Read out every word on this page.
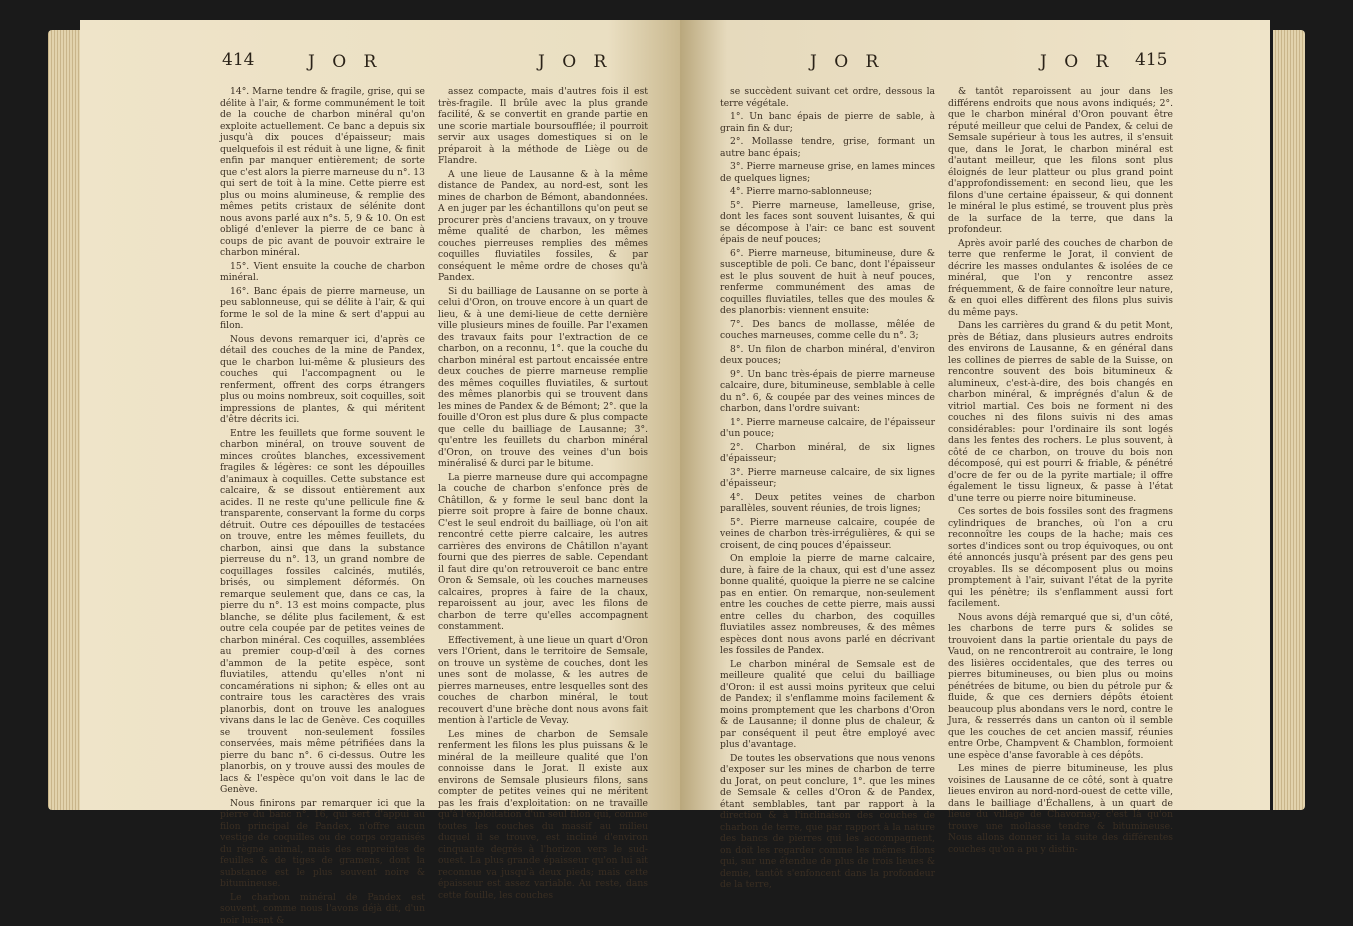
414	J O R	J O R

14°. Marne tendre & fragile, grise, qui se délite à l'air, & forme communément le toit de la couche de charbon minéral qu'on exploite actuellement. Ce banc a depuis six jusqu'à dix pouces d'épaisseur; mais quelquefois il est réduit à une ligne, & finit enfin par manquer entièrement; de sorte que c'est alors la pierre marneuse du n°. 13 qui sert de toit à la mine. Cette pierre est plus ou moins alumineuse, & remplie des mêmes petits cristaux de sélénite dont nous avons parlé aux n°s. 5, 9 & 10. On est obligé d'enlever la pierre de ce banc à coups de pic avant de pouvoir extraire le charbon minéral.

15°. Vient ensuite la couche de charbon minéral.

16°. Banc épais de pierre marneuse, un peu sablonneuse, qui se délite à l'air, & qui forme le sol de la mine & sert d'appui au filon.

Nous devons remarquer ici, d'après ce détail des couches de la mine de Pandex, que le charbon lui-même & plusieurs des couches qui l'accompagnent ou le renferment, offrent des corps étrangers plus ou moins nombreux, soit coquilles, soit impressions de plantes, & qui méritent d'être décrits ici.

Entre les feuillets que forme souvent le charbon minéral, on trouve souvent de minces croûtes blanches, excessivement fragiles & légères: ce sont les dépouilles d'animaux à coquilles. Cette substance est calcaire, & se dissout entièrement aux acides. Il ne reste qu'une pellicule fine & transparente, conservant la forme du corps détruit. Outre ces dépouilles de testacées on trouve, entre les mêmes feuillets, du charbon, ainsi que dans la substance pierreuse du n°. 13, un grand nombre de coquillages fossiles calcinés, mutilés, brisés, ou simplement déformés. On remarque seulement que, dans ce cas, la pierre du n°. 13 est moins compacte, plus blanche, se délite plus facilement, & est outre cela coupée par de petites veines de charbon minéral. Ces coquilles, assemblées au premier coup-d'œil à des cornes d'ammon de la petite espèce, sont fluviatiles, attendu qu'elles n'ont ni concamérations ni siphon; & elles ont au contraire tous les caractères des vrais planorbis, dont on trouve les analogues vivans dans le lac de Genève. Ces coquilles se trouvent non-seulement fossiles conservées, mais même pétrifiées dans la pierre du banc n°. 6 ci-dessus. Outre les planorbis, on y trouve aussi des moules de lacs & l'espèce qu'on voit dans le lac de Genève.

Nous finirons par remarquer ici que la pierre du banc n°. 16, qui sert d'appui au filon principal de Pandex, n'offre aucun vestige de coquilles ou de corps organisés du règne animal, mais des empreintes de feuilles & de tiges de gramens, dont la substance est le plus souvent noire & bitumineuse.

Le charbon minéral de Pandex est souvent, comme nous l'avons déjà dit, d'un noir luisant &

assez compacte, mais d'autres fois il est très-fragile. Il brûle avec la plus grande facilité, & se convertit en grande partie en une scorie martiale boursoufflée; il pourroit servir aux usages domestiques si on le préparoit à la méthode de Liège ou de Flandre.

A une lieue de Lausanne & à la même distance de Pandex, au nord-est, sont les mines de charbon de Bémont, abandonnées. A en juger par les échantillons qu'on peut se procurer près d'anciens travaux, on y trouve même qualité de charbon, les mêmes couches pierreuses remplies des mêmes coquilles fluviatiles fossiles, & par conséquent le même ordre de choses qu'à Pandex.

Si du bailliage de Lausanne on se porte à celui d'Oron, on trouve encore à un quart de lieu, & à une demi-lieue de cette dernière ville plusieurs mines de fouille. Par l'examen des travaux faits pour l'extraction de ce charbon, on a reconnu, 1°. que la couche du charbon minéral est partout encaissée entre deux couches de pierre marneuse remplie des mêmes coquilles fluviatiles, & surtout des mêmes planorbis qui se trouvent dans les mines de Pandex & de Bémont; 2°. que la fouille d'Oron est plus dure & plus compacte que celle du bailliage de Lausanne; 3°. qu'entre les feuillets du charbon minéral d'Oron, on trouve des veines d'un bois minéralisé & durci par le bitume.

La pierre marneuse dure qui accompagne la couche de charbon s'enfonce près de Châtillon, & y forme le seul banc dont la pierre soit propre à faire de bonne chaux. C'est le seul endroit du bailliage, où l'on ait rencontré cette pierre calcaire, les autres carrières des environs de Châtillon n'ayant fourni que des pierres de sable. Cependant il faut dire qu'on retrouveroit ce banc entre Oron & Semsale, où les couches marneuses calcaires, propres à faire de la chaux, reparoissent au jour, avec les filons de charbon de terre qu'elles accompagnent constamment.

Effectivement, à une lieue un quart d'Oron vers l'Orient, dans le territoire de Semsale, on trouve un système de couches, dont les unes sont de molasse, & les autres de pierres marneuses, entre lesquelles sont des couches de charbon minéral, le tout recouvert d'une brèche dont nous avons fait mention à l'article de Vevay.

Les mines de charbon de Semsale renferment les filons les plus puissans & le minéral de la meilleure qualité que l'on connoisse dans le Jorat. Il existe aux environs de Semsale plusieurs filons, sans compter de petites veines qui ne méritent pas les frais d'exploitation: on ne travaille qu'à l'exploitation d'un seul filon qui, comme toutes les couches du massif au milieu duquel il se trouve, est incliné d'environ cinquante degrés à l'horizon vers le sud-ouest. La plus grande épaisseur qu'on lui ait reconnue va jusqu'à deux pieds; mais cette épaisseur est assez variable. Au reste, dans cette fouille, les couches

J O R	J O R 415

se succèdent suivant cet ordre, dessous la terre végétale.

1°. Un banc épais de pierre de sable, à grain fin & dur;

2°. Mollasse tendre, grise, formant un autre banc épais;

3°. Pierre marneuse grise, en lames minces de quelques lignes;

4°. Pierre marno-sablonneuse;

5°. Pierre marneuse, lamelleuse, grise, dont les faces sont souvent luisantes, & qui se décompose à l'air: ce banc est souvent épais de neuf pouces;

6°. Pierre marneuse, bitumineuse, dure & susceptible de poli. Ce banc, dont l'épaisseur est le plus souvent de huit à neuf pouces, renferme communément des amas de coquilles fluviatiles, telles que des moules & des planorbis: viennent ensuite:

7°. Des bancs de mollasse, mêlée de couches marneuses, comme celle du n°. 3;

8°. Un filon de charbon minéral, d'environ deux pouces;

9°. Un banc très-épais de pierre marneuse calcaire, dure, bitumineuse, semblable à celle du n°. 6, & coupée par des veines minces de charbon, dans l'ordre suivant:

1°. Pierre marneuse calcaire, de l'épaisseur d'un pouce;

2°. Charbon minéral, de six lignes d'épaisseur;

3°. Pierre marneuse calcaire, de six lignes d'épaisseur;

4°. Deux petites veines de charbon parallèles, souvent réunies, de trois lignes;

5°. Pierre marneuse calcaire, coupée de veines de charbon très-irrégulières, & qui se croisent, de cinq pouces d'épaisseur.

On emploie la pierre de marne calcaire, dure, à faire de la chaux, qui est d'une assez bonne qualité, quoique la pierre ne se calcine pas en entier. On remarque, non-seulement entre les couches de cette pierre, mais aussi entre celles du charbon, des coquilles fluviatiles assez nombreuses, & des mêmes espèces dont nous avons parlé en décrivant les fossiles de Pandex.

Le charbon minéral de Semsale est de meilleure qualité que celui du bailliage d'Oron: il est aussi moins pyriteux que celui de Pandex; il s'enflamme moins facilement & moins promptement que les charbons d'Oron & de Lausanne; il donne plus de chaleur, & par conséquent il peut être employé avec plus d'avantage.

De toutes les observations que nous venons d'exposer sur les mines de charbon de terre du Jorat, on peut conclure, 1°. que les mines de Semsale & celles d'Oron & de Pandex, étant semblables, tant par rapport à la direction & à l'inclinaison des couches de charbon de terre, que par rapport à la nature des bancs de pierres qui les accompagnent, on doit les regarder comme les mêmes filons qui, sur une étendue de plus de trois lieues & demie, tantôt s'enfoncent dans la profondeur de la terre,

& tantôt reparoissent au jour dans les différens endroits que nous avons indiqués; 2°. que le charbon minéral d'Oron pouvant être réputé meilleur que celui de Pandex, & celui de Semsale supérieur à tous les autres, il s'ensuit que, dans le Jorat, le charbon minéral est d'autant meilleur, que les filons sont plus éloignés de leur platteur ou plus grand point d'approfondissement: en second lieu, que les filons d'une certaine épaisseur, & qui donnent le minéral le plus estimé, se trouvent plus près de la surface de la terre, que dans la profondeur.

Après avoir parlé des couches de charbon de terre que renferme le Jorat, il convient de décrire les masses ondulantes & isolées de ce minéral, que l'on y rencontre assez fréquemment, & de faire connoître leur nature, & en quoi elles diffèrent des filons plus suivis du même pays.

Dans les carrières du grand & du petit Mont, près de Bétiaz, dans plusieurs autres endroits des environs de Lausanne, & en général dans les collines de pierres de sable de la Suisse, on rencontre souvent des bois bitumineux & alumineux, c'est-à-dire, des bois changés en charbon minéral, & imprégnés d'alun & de vitriol martial. Ces bois ne forment ni des couches ni des filons suivis ni des amas considérables: pour l'ordinaire ils sont logés dans les fentes des rochers. Le plus souvent, à côté de ce charbon, on trouve du bois non décomposé, qui est pourri & friable, & pénétré d'ocre de fer ou de la pyrite martiale; il offre également le tissu ligneux, & passe à l'état d'une terre ou pierre noire bitumineuse.

Ces sortes de bois fossiles sont des fragmens cylindriques de branches, où l'on a cru reconnoître les coups de la hache; mais ces sortes d'indices sont ou trop équivoques, ou ont été annoncés jusqu'à présent par des gens peu croyables. Ils se décomposent plus ou moins promptement à l'air, suivant l'état de la pyrite qui les pénètre; ils s'enflamment aussi fort facilement.

Nous avons déjà remarqué que si, d'un côté, les charbons de terre purs & solides se trouvoient dans la partie orientale du pays de Vaud, on ne rencontreroit au contraire, le long des lisières occidentales, que des terres ou pierres bitumineuses, ou bien plus ou moins pénétrées de bitume, ou bien du pétrole pur & fluide, & que ces derniers dépôts étoient beaucoup plus abondans vers le nord, contre le Jura, & resserrés dans un canton où il semble que les couches de cet ancien massif, réunies entre Orbe, Champvent & Chamblon, formoient une espèce d'anse favorable à ces dépôts.

Les mines de pierre bitumineuse, les plus voisines de Lausanne de ce côté, sont à quatre lieues environ au nord-nord-ouest de cette ville, dans le bailliage d'Échallens, à un quart de lieue du village de Chavornay: c'est là qu'on trouve une mollasse tendre & bitumineuse. Nous allons donner ici la suite des différentes couches qu'on a pu y distin-
